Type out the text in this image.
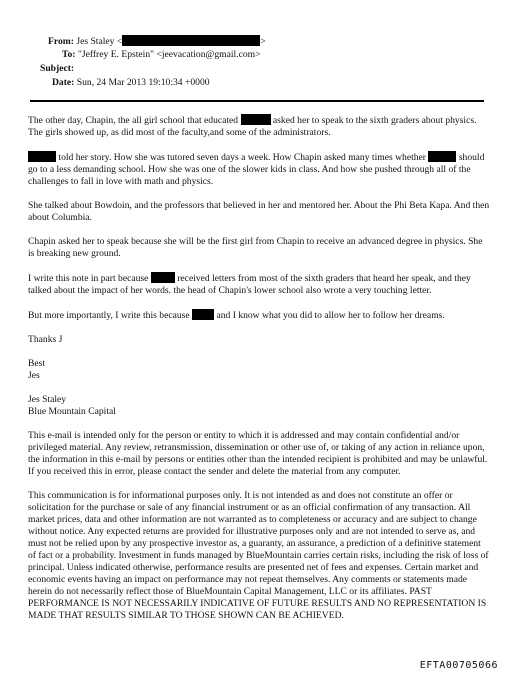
From: Jes Staley <	>
To: "Jeffrey E. Epstein" <jeevacation@gmail.com>
Subject:
Date: Sun, 24 Mar 2013 19:10:34 +0000

The other day, Chapin, the all girl school that educated	asked her to speak to the sixth graders about physics. The girls showed up, as did most of the faculty,and some of the administrators.

told her story. How she was tutored seven days a week. How Chapin asked many times whether	should go to a less demanding school. How she was one of the slower kids in class. And how she pushed through all of the challenges to fall in love with math and physics.

She talked about Bowdoin, and the professors that believed in her and mentored her. About the Phi Beta Kapa. And then about Columbia.

Chapin asked her to speak because she will be the first girl from Chapin to receive an advanced degree in physics. She is breaking new ground.

I write this note in part because	received letters from most of the sixth graders that heard her speak, and they talked about the impact of her words. the head of Chapin's lower school also wrote a very touching letter.

But more importantly, I write this because	and I know what you did to allow her to follow her dreams.

Thanks J

Best

Jes

Jes Staley

Blue Mountain Capital

This e-mail is intended only for the person or entity to which it is addressed and may contain confidential and/or privileged material. Any review, retransmission, dissemination or other use of, or taking of any action in reliance upon, the information in this e-mail by persons or entities other than the intended recipient is prohibited and may be unlawful. If you received this in error, please contact the sender and delete the material from any computer.

This communication is for informational purposes only. It is not intended as and does not constitute an offer or solicitation for the purchase or sale of any financial instrument or as an official confirmation of any transaction. All market prices, data and other information are not warranted as to completeness or accuracy and are subject to change without notice. Any expected returns are provided for illustrative purposes only and are not intended to serve as, and must not be relied upon by any prospective investor as, a guaranty, an assurance, a prediction of a definitive statement of fact or a probability. Investment in funds managed by BlueMountain carries certain risks, including the risk of loss of principal. Unless indicated otherwise, performance results are presented net of fees and expenses. Certain market and economic events having an impact on performance may not repeat themselves. Any comments or statements made herein do not necessarily reflect those of BlueMountain Capital Management, LLC or its affiliates. PAST PERFORMANCE IS NOT NECESSARILY INDICATIVE OF FUTURE RESULTS AND NO REPRESENTATION IS MADE THAT RESULTS SIMILAR TO THOSE SHOWN CAN BE ACHIEVED.

EFTA00705066
